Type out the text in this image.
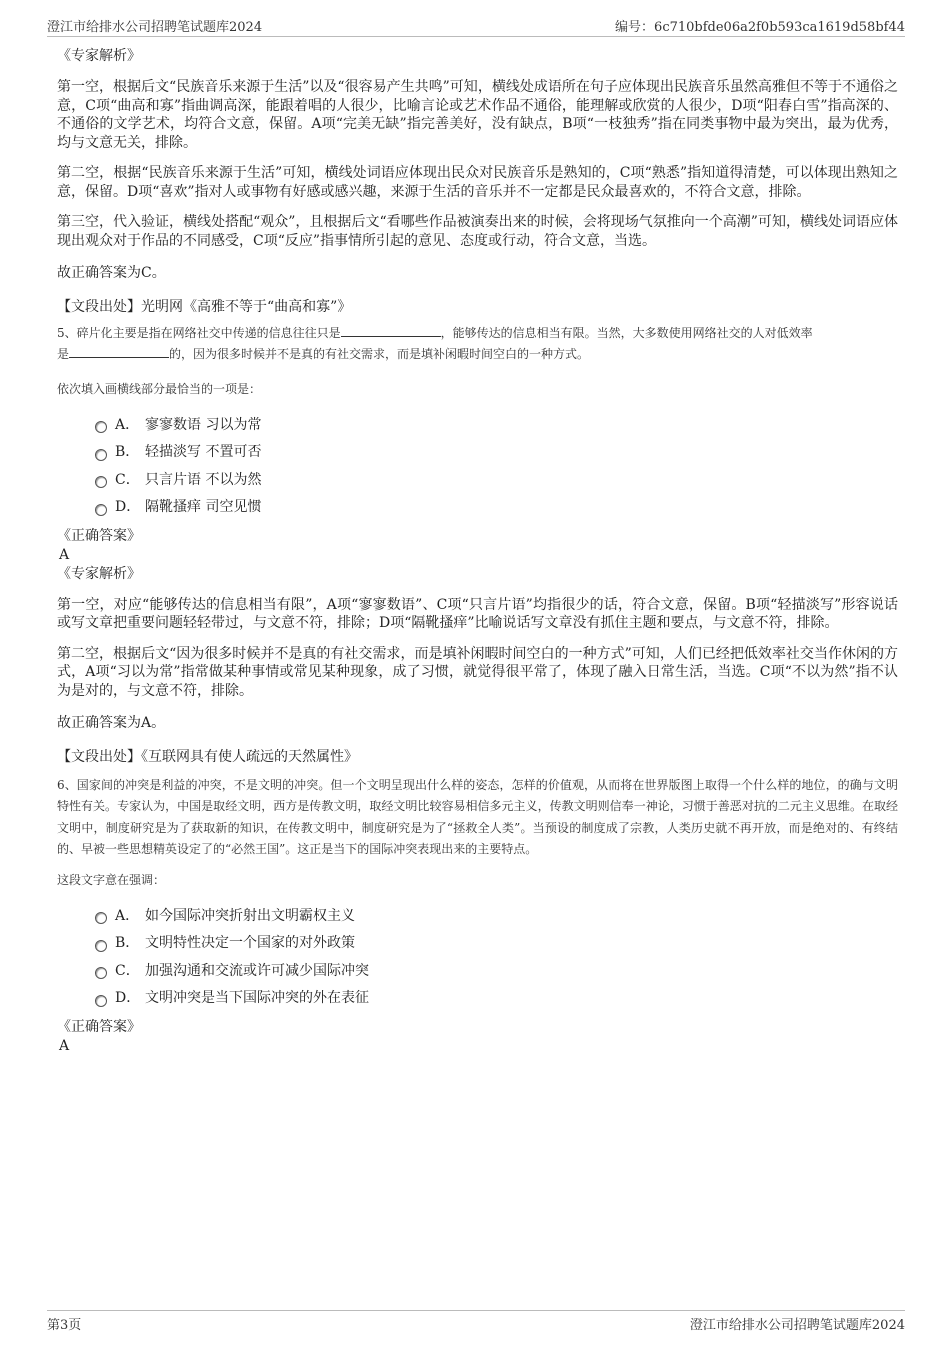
澄江市给排水公司招聘笔试题库2024	编号：6c710bfde06a2f0b593ca1619d58bf44
《专家解析》

第一空，根据后文“民族音乐来源于生活”以及“很容易产生共鸣”可知，横线处成语所在句子应体现出民族音乐虽然高雅但不等于不通俗之意，C项“曲高和寡”指曲调高深，能跟着唱的人很少，比喻言论或艺术作品不通俗，能理解或欣赏的人很少，D项“阳春白雪”指高深的、不通俗的文学艺术，均符合文意，保留。A项“完美无缺”指完善美好，没有缺点，B项“一枝独秀”指在同类事物中最为突出，最为优秀，均与文意无关，排除。

第二空，根据“民族音乐来源于生活”可知，横线处词语应体现出民众对民族音乐是熟知的，C项“熟悉”指知道得清楚，可以体现出熟知之意，保留。D项“喜欢”指对人或事物有好感或感兴趣，来源于生活的音乐并不一定都是民众最喜欢的，不符合文意，排除。

第三空，代入验证，横线处搭配“观众”，且根据后文“看哪些作品被演奏出来的时候，会将现场气氛推向一个高潮”可知，横线处词语应体现出观众对于作品的不同感受，C项“反应”指事情所引起的意见、态度或行动，符合文意，当选。

故正确答案为C。

【文段出处】光明网《高雅不等于“曲高和寡”》

5、碎片化主要是指在网络社交中传递的信息往往只是	，能够传达的信息相当有限。当然，大多数使用网络社交的人对低效率
是	的，因为很多时候并不是真的有社交需求，而是填补闲暇时间空白的一种方式。

依次填入画横线部分最恰当的一项是：
A． 寥寥数语 习以为常
B． 轻描淡写 不置可否
C． 只言片语 不以为然
D． 隔靴搔痒 司空见惯
《正确答案》
A
《专家解析》

第一空，对应“能够传达的信息相当有限”，A项“寥寥数语”、C项“只言片语”均指很少的话，符合文意，保留。B项“轻描淡写”形容说话或写文章把重要问题轻轻带过，与文意不符，排除；D项“隔靴搔痒”比喻说话写文章没有抓住主题和要点，与文意不符，排除。

第二空，根据后文“因为很多时候并不是真的有社交需求，而是填补闲暇时间空白的一种方式”可知，人们已经把低效率社交当作休闲的方式，A项“习以为常”指常做某种事情或常见某种现象，成了习惯，就觉得很平常了，体现了融入日常生活，当选。C项“不以为然”指不认为是对的，与文意不符，排除。

故正确答案为A。

【文段出处】《互联网具有使人疏远的天然属性》

6、国家间的冲突是利益的冲突，不是文明的冲突。但一个文明呈现出什么样的姿态，怎样的价值观，从而将在世界版图上取得一个什么样的地位，的确与文明特性有关。专家认为，中国是取经文明，西方是传教文明，取经文明比较容易相信多元主义，传教文明则信奉一神论，习惯于善恶对抗的二元主义思维。在取经文明中，制度研究是为了获取新的知识，在传教文明中，制度研究是为了“拯救全人类”。当预设的制度成了宗教，人类历史就不再开放，而是绝对的、有终结的、早被一些思想精英设定了的“必然王国”。这正是当下的国际冲突表现出来的主要特点。

这段文字意在强调：
A． 如今国际冲突折射出文明霸权主义
B． 文明特性决定一个国家的对外政策
C． 加强沟通和交流或许可减少国际冲突
D． 文明冲突是当下国际冲突的外在表征
《正确答案》
A
第3页	澄江市给排水公司招聘笔试题库2024
